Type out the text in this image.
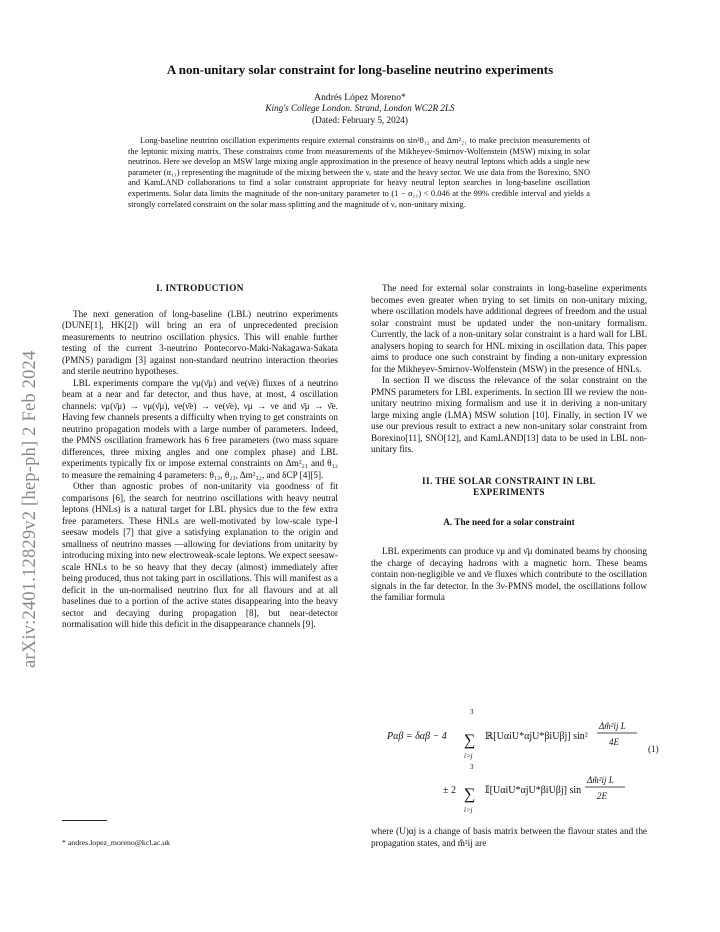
arXiv:2401.12829v2 [hep-ph] 2 Feb 2024
A non-unitary solar constraint for long-baseline neutrino experiments
Andrés López Moreno*
King's College London. Strand, London WC2R 2LS
(Dated: February 5, 2024)

Long-baseline neutrino oscillation experiments require external constraints on sin²θ₁₂ and Δm²₂₁ to make precision measurements of the leptonic mixing matrix. These constraints come from measurements of the Mikheyev-Smirnov-Wolfenstein (MSW) mixing in solar neutrinos. Here we develop an MSW large mixing angle approximation in the presence of heavy neutral leptons which adds a single new parameter (α₁₁) representing the magnitude of the mixing between the νₑ state and the heavy sector. We use data from the Borexino, SNO and KamLAND collaborations to find a solar constraint appropriate for heavy neutral lepton searches in long-baseline oscillation experiments. Solar data limits the magnitude of the non-unitary parameter to (1 − α₁₁) < 0.046 at the 99% credible interval and yields a strongly correlated constraint on the solar mass splitting and the magnitude of νₑ non-unitary mixing.

I. INTRODUCTION

The next generation of long-baseline (LBL) neutrino experiments (DUNE[1], HK[2]) will bring an era of unprecedented precision measurements to neutrino oscillation physics. This will enable further testing of the current 3-neutrino Pontecorvo-Maki-Nakagawa-Sakata (PMNS) paradigm [3] against non-standard neutrino interaction theories and sterile neutrino hypotheses.

LBL experiments compare the νμ(ν̄μ) and νe(ν̄e) fluxes of a neutrino beam at a near and far detector, and thus have, at most, 4 oscillation channels: νμ(ν̄μ) → νμ(ν̄μ), νe(ν̄e) → νe(ν̄e), νμ → νe and ν̄μ → ν̄e. Having few channels presents a difficulty when trying to get constraints on neutrino propagation models with a large number of parameters. Indeed, the PMNS oscillation framework has 6 free parameters (two mass square differences, three mixing angles and one complex phase) and LBL experiments typically fix or impose external constraints on Δm²₂₁ and θ₁₂ to measure the remaining 4 parameters: θ₁₃, θ₂₃, Δm²₃₂, and δCP [4][5].

Other than agnostic probes of non-unitarity via goodness of fit comparisons [6], the search for neutrino oscillations with heavy neutral leptons (HNLs) is a natural target for LBL physics due to the few extra free parameters. These HNLs are well-motivated by low-scale type-I seesaw models [7] that give a satisfying explanation to the origin and smallness of neutrino masses —allowing for deviations from unitarity by introducing mixing into new electroweak-scale leptons. We expect seesaw-scale HNLs to be so heavy that they decay (almost) immediately after being produced, thus not taking part in oscillations. This will manifest as a deficit in the un-normalised neutrino flux for all flavours and at all baselines due to a portion of the active states disappearing into the heavy sector and decaying during propagation [8], but near-detector normalisation will hide this deficit in the disappearance channels [9].

* andres.lopez_moreno@kcl.ac.uk

The need for external solar constraints in long-baseline experiments becomes even greater when trying to set limits on non-unitary mixing, where oscillation models have additional degrees of freedom and the usual solar constraint must be updated under the non-unitary formalism. Currently, the lack of a non-unitary solar constraint is a hard wall for LBL analysers hoping to search for HNL mixing in oscillation data. This paper aims to produce one such constraint by finding a non-unitary expression for the Mikheyev-Smirnov-Wolfenstein (MSW) in the presence of HNLs.

In section II we discuss the relevance of the solar constraint on the PMNS parameters for LBL experiments. In section III we review the non-unitary neutrino mixing formalism and use it in deriving a non-unitary large mixing angle (LMA) MSW solution [10]. Finally, in section IV we use our previous result to extract a new non-unitary solar constraint from Borexino[11], SNO[12], and KamLAND[13] data to be used in LBL non-unitary fits.

II. THE SOLAR CONSTRAINT IN LBL

EXPERIMENTS

A. The need for a solar constraint

LBL experiments can produce νμ and ν̄μ dominated beams by choosing the charge of decaying hadrons with a magnetic horn. These beams contain non-negligible νe and ν̄e fluxes which contribute to the oscillation signals in the far detector. In the 3ν-PMNS model, the oscillations follow the familiar formula

Pαβ = δαβ − 4
3
∑
i>j
ℝ[UαiU*αjU*βiUβj] sin²
Δm̂²ij L
4E
± 2
3
∑
i>j
𝕀[UαiU*αjU*βiUβj] sin
Δm̂²ij L
2E
(1)

where (U)αj is a change of basis matrix between the flavour states and the propagation states, and m̂²ij are
